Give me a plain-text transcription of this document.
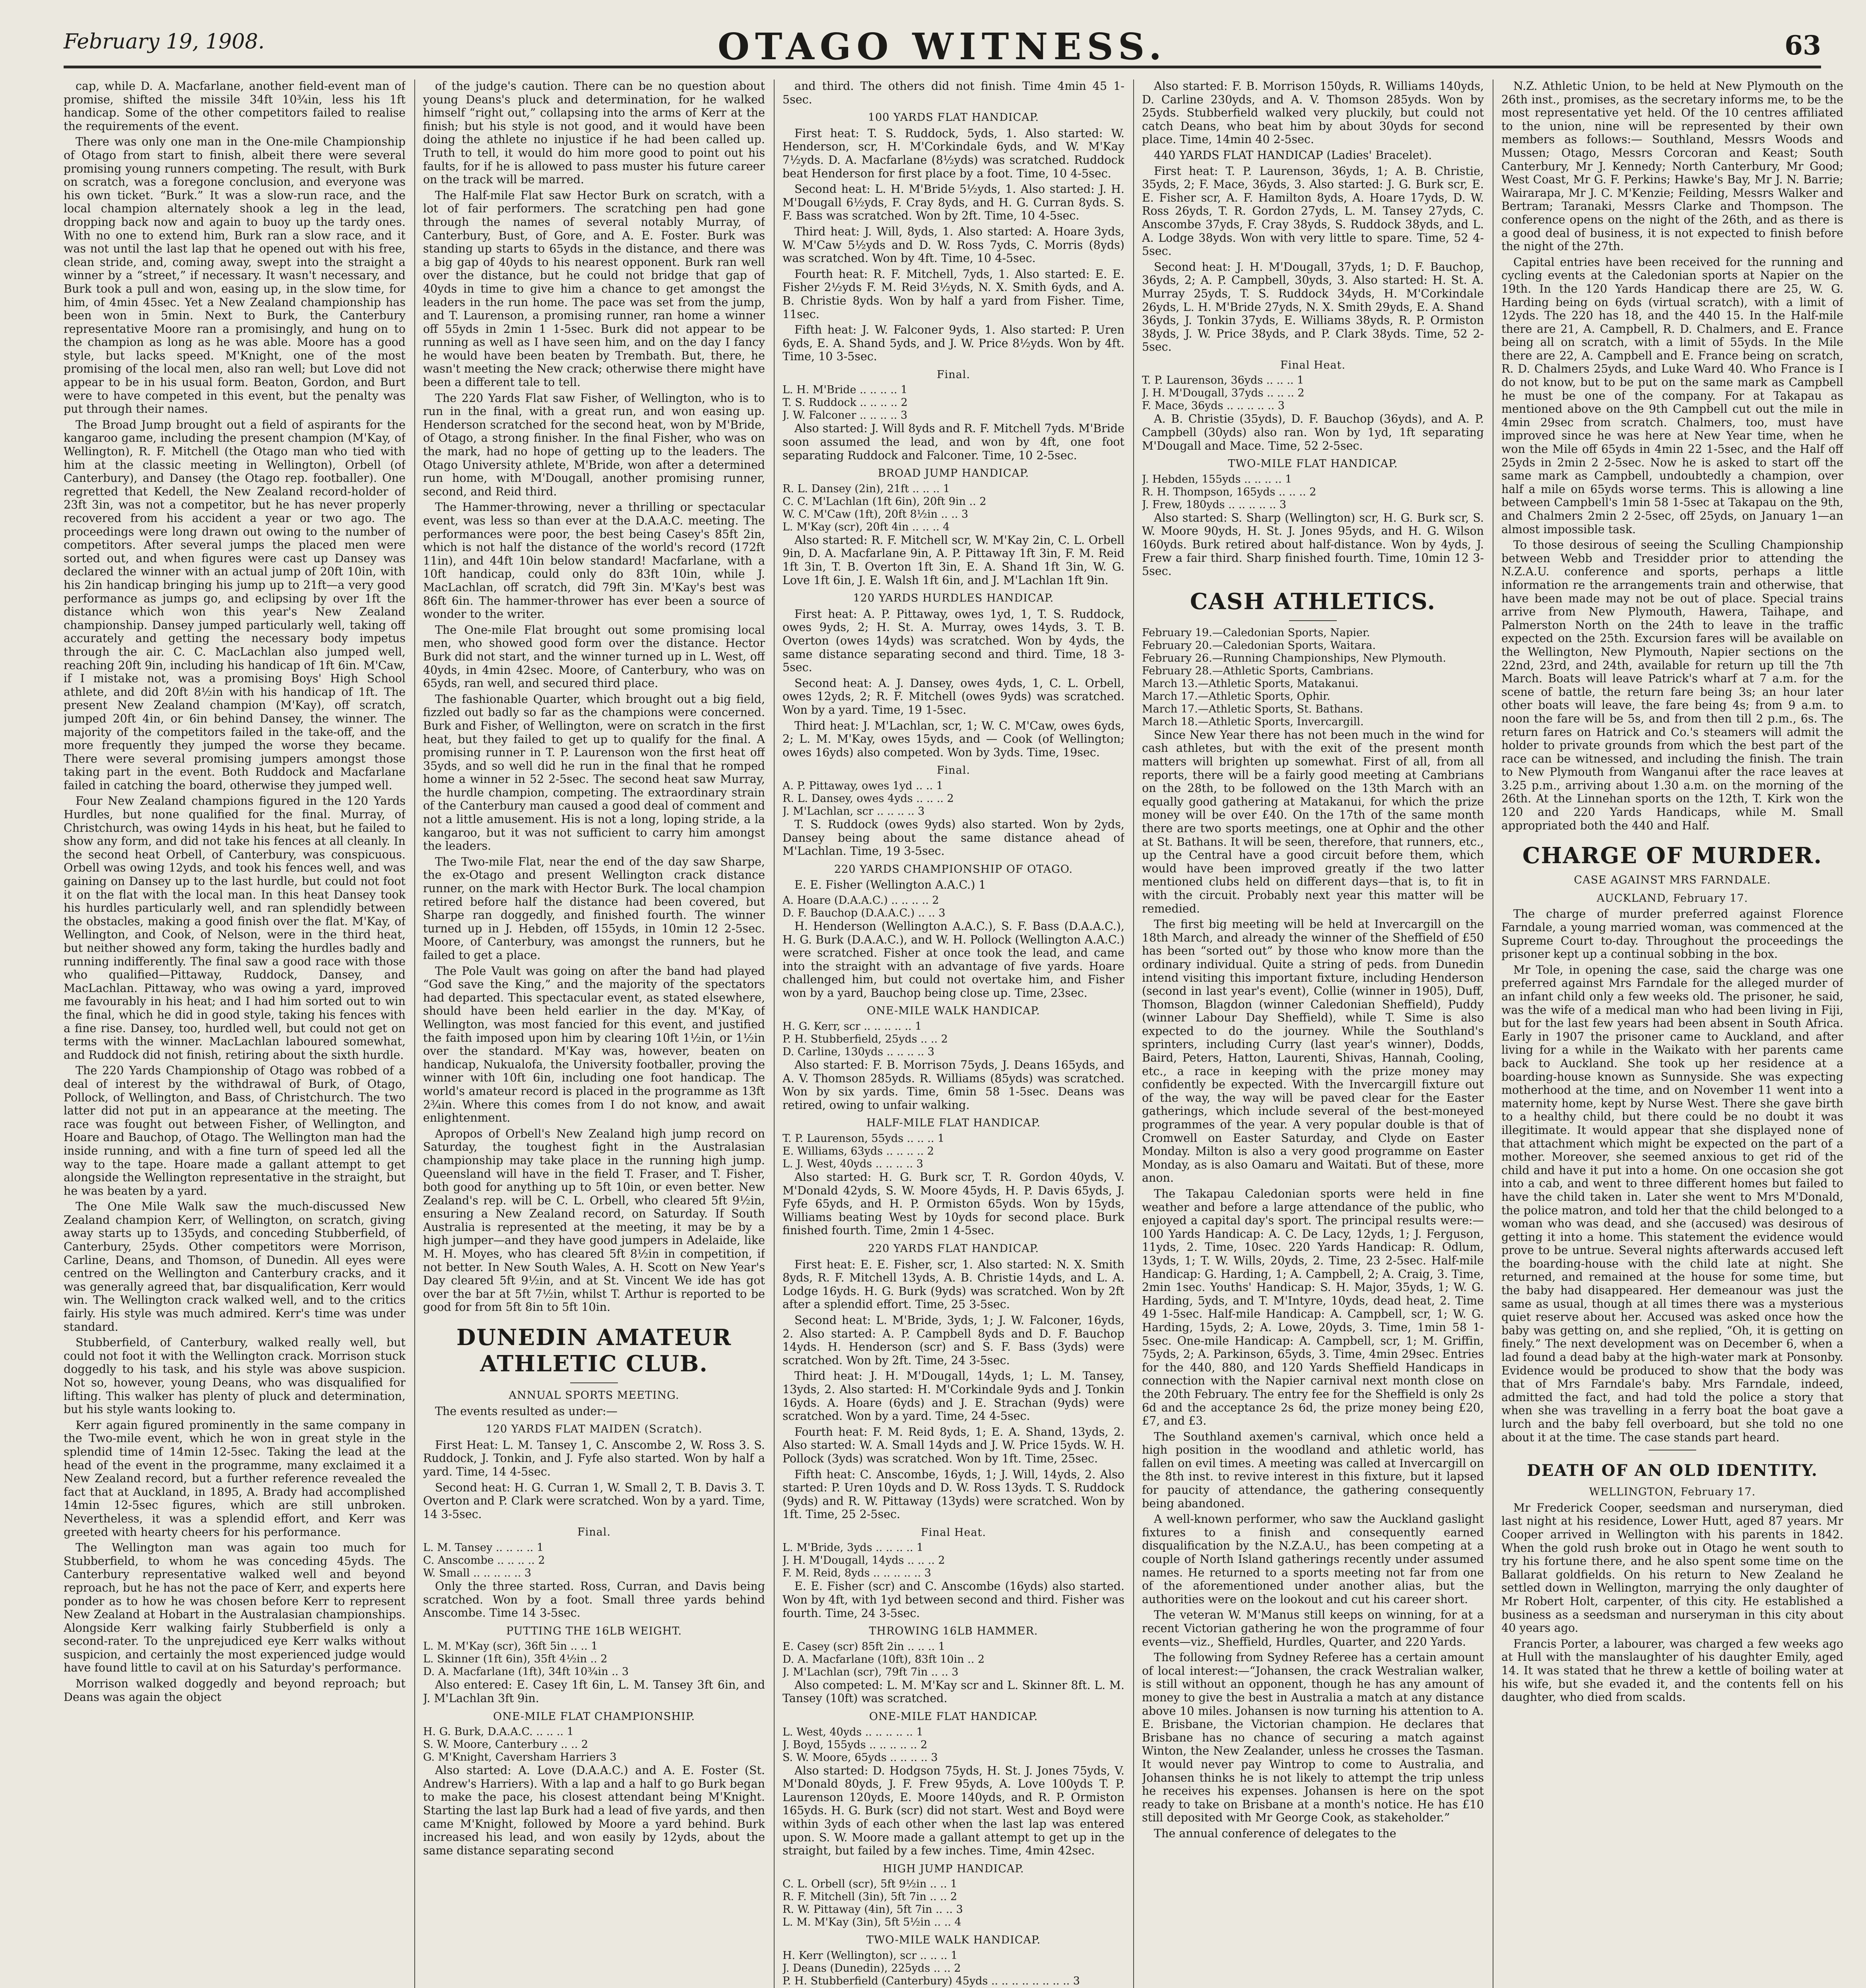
February 19, 1908.	OTAGO WITNESS.	63

cap, while D. A. Macfarlane, another field-event man of promise, shifted the missile 34ft 10¾in, less his 1ft handicap. Some of the other competitors failed to realise the requirements of the event.

There was only one man in the One-mile Championship of Otago from start to finish, albeit there were several promising young runners competing. The result, with Burk on scratch, was a foregone conclusion, and everyone was his own ticket. “Burk.” It was a slow-run race, and the local champion alternately shook a leg in the lead, dropping back now and again to buoy up the tardy ones. With no one to extend him, Burk ran a slow race, and it was not until the last lap that he opened out with his free, clean stride, and, coming away, swept into the straight a winner by a “street,” if necessary. It wasn't necessary, and Burk took a pull and won, easing up, in the slow time, for him, of 4min 45sec. Yet a New Zealand championship has been won in 5min. Next to Burk, the Canterbury representative Moore ran a promisingly, and hung on to the champion as long as he was able. Moore has a good style, but lacks speed. M'Knight, one of the most promising of the local men, also ran well; but Love did not appear to be in his usual form. Beaton, Gordon, and Burt were to have competed in this event, but the penalty was put through their names.

The Broad Jump brought out a field of aspirants for the kangaroo game, including the present champion (M'Kay, of Wellington), R. F. Mitchell (the Otago man who tied with him at the classic meeting in Wellington), Orbell (of Canterbury), and Dansey (the Otago rep. footballer). One regretted that Kedell, the New Zealand record-holder of 23ft 3in, was not a competitor, but he has never properly recovered from his accident a year or two ago. The proceedings were long drawn out owing to the number of competitors. After several jumps the placed men were sorted out, and when figures were cast up Dansey was declared the winner with an actual jump of 20ft 10in, with his 2in handicap bringing his jump up to 21ft—a very good performance as jumps go, and eclipsing by over 1ft the distance which won this year's New Zealand championship. Dansey jumped particularly well, taking off accurately and getting the necessary body impetus through the air. C. C. MacLachlan also jumped well, reaching 20ft 9in, including his handicap of 1ft 6in. M'Caw, if I mistake not, was a promising Boys' High School athlete, and did 20ft 8½in with his handicap of 1ft. The present New Zealand champion (M'Kay), off scratch, jumped 20ft 4in, or 6in behind Dansey, the winner. The majority of the competitors failed in the take-off, and the more frequently they jumped the worse they became. There were several promising jumpers amongst those taking part in the event. Both Ruddock and Macfarlane failed in catching the board, otherwise they jumped well.

Four New Zealand champions figured in the 120 Yards Hurdles, but none qualified for the final. Murray, of Christchurch, was owing 14yds in his heat, but he failed to show any form, and did not take his fences at all cleanly. In the second heat Orbell, of Canterbury, was conspicuous. Orbell was owing 12yds, and took his fences well, and was gaining on Dansey up to the last hurdle, but could not foot it on the flat with the local man. In this heat Dansey took his hurdles particularly well, and ran splendidly between the obstacles, making a good finish over the flat. M'Kay, of Wellington, and Cook, of Nelson, were in the third heat, but neither showed any form, taking the hurdles badly and running indifferently. The final saw a good race with those who qualified—Pittaway, Ruddock, Dansey, and MacLachlan. Pittaway, who was owing a yard, improved me favourably in his heat; and I had him sorted out to win the final, which he did in good style, taking his fences with a fine rise. Dansey, too, hurdled well, but could not get on terms with the winner. MacLachlan laboured somewhat, and Ruddock did not finish, retiring about the sixth hurdle.

The 220 Yards Championship of Otago was robbed of a deal of interest by the withdrawal of Burk, of Otago, Pollock, of Wellington, and Bass, of Christchurch. The two latter did not put in an appearance at the meeting. The race was fought out between Fisher, of Wellington, and Hoare and Bauchop, of Otago. The Wellington man had the inside running, and with a fine turn of speed led all the way to the tape. Hoare made a gallant attempt to get alongside the Wellington representative in the straight, but he was beaten by a yard.

The One Mile Walk saw the much-discussed New Zealand champion Kerr, of Wellington, on scratch, giving away starts up to 135yds, and conceding Stubberfield, of Canterbury, 25yds. Other competitors were Morrison, Carline, Deans, and Thomson, of Dunedin. All eyes were centred on the Wellington and Canterbury cracks, and it was generally agreed that, bar disqualification, Kerr would win. The Wellington crack walked well, and to the critics fairly. His style was much admired. Kerr's time was under standard.

Stubberfield, of Canterbury, walked really well, but could not foot it with the Wellington crack. Morrison stuck doggedly to his task, and his style was above suspicion. Not so, however, young Deans, who was disqualified for lifting. This walker has plenty of pluck and determination, but his style wants looking to.

Kerr again figured prominently in the same company in the Two-mile event, which he won in great style in the splendid time of 14min 12-5sec. Taking the lead at the head of the event in the programme, many exclaimed it a New Zealand record, but a further reference revealed the fact that at Auckland, in 1895, A. Brady had accomplished 14min 12-5sec figures, which are still unbroken. Nevertheless, it was a splendid effort, and Kerr was greeted with hearty cheers for his performance.

The Wellington man was again too much for Stubberfield, to whom he was conceding 45yds. The Canterbury representative walked well and beyond reproach, but he has not the pace of Kerr, and experts here ponder as to how he was chosen before Kerr to represent New Zealand at Hobart in the Australasian championships. Alongside Kerr walking fairly Stubberfield is only a second-rater. To the unprejudiced eye Kerr walks without suspicion, and certainly the most experienced judge would have found little to cavil at on his Saturday's performance.

Morrison walked doggedly and beyond reproach; but Deans was again the object

of the judge's caution. There can be no question about young Deans's pluck and determination, for he walked himself “right out,” collapsing into the arms of Kerr at the finish; but his style is not good, and it would have been doing the athlete no injustice if he had been called up. Truth to tell, it would do him more good to point out his faults, for if he is allowed to pass muster his future career on the track will be marred.

The Half-mile Flat saw Hector Burk on scratch, with a lot of fair performers. The scratching pen had gone through the names of several notably Murray, of Canterbury, Bust, of Gore, and A. E. Foster. Burk was standing up starts to 65yds in the distance, and there was a big gap of 40yds to his nearest opponent. Burk ran well over the distance, but he could not bridge that gap of 40yds in time to give him a chance to get amongst the leaders in the run home. The pace was set from the jump, and T. Laurenson, a promising runner, ran home a winner off 55yds in 2min 1 1-5sec. Burk did not appear to be running as well as I have seen him, and on the day I fancy he would have been beaten by Trembath. But, there, he wasn't meeting the New crack; otherwise there might have been a different tale to tell.

The 220 Yards Flat saw Fisher, of Wellington, who is to run in the final, with a great run, and won easing up. Henderson scratched for the second heat, won by M'Bride, of Otago, a strong finisher. In the final Fisher, who was on the mark, had no hope of getting up to the leaders. The Otago University athlete, M'Bride, won after a determined run home, with M'Dougall, another promising runner, second, and Reid third.

The Hammer-throwing, never a thrilling or spectacular event, was less so than ever at the D.A.A.C. meeting. The performances were poor, the best being Casey's 85ft 2in, which is not half the distance of the world's record (172ft 11in), and 44ft 10in below standard! Macfarlane, with a 10ft handicap, could only do 83ft 10in, while J. MacLachlan, off scratch, did 79ft 3in. M'Kay's best was 86ft 6in. The hammer-thrower has ever been a source of wonder to the writer.

The One-mile Flat brought out some promising local men, who showed good form over the distance. Hector Burk did not start, and the winner turned up in L. West, off 40yds, in 4min 42sec. Moore, of Canterbury, who was on 65yds, ran well, and secured third place.

The fashionable Quarter, which brought out a big field, fizzled out badly so far as the champions were concerned. Burk and Fisher, of Wellington, were on scratch in the first heat, but they failed to get up to qualify for the final. A promising runner in T. P. Laurenson won the first heat off 35yds, and so well did he run in the final that he romped home a winner in 52 2-5sec. The second heat saw Murray, the hurdle champion, competing. The extraordinary strain of the Canterbury man caused a good deal of comment and not a little amusement. His is not a long, loping stride, a la kangaroo, but it was not sufficient to carry him amongst the leaders.

The Two-mile Flat, near the end of the day saw Sharpe, the ex-Otago and present Wellington crack distance runner, on the mark with Hector Burk. The local champion retired before half the distance had been covered, but Sharpe ran doggedly, and finished fourth. The winner turned up in J. Hebden, off 155yds, in 10min 12 2-5sec. Moore, of Canterbury, was amongst the runners, but he failed to get a place.

The Pole Vault was going on after the band had played “God save the King,” and the majority of the spectators had departed. This spectacular event, as stated elsewhere, should have been held earlier in the day. M'Kay, of Wellington, was most fancied for this event, and justified the faith imposed upon him by clearing 10ft 1½in, or 1½in over the standard. M'Kay was, however, beaten on handicap, Nukualofa, the University footballer, proving the winner with 10ft 6in, including one foot handicap. The world's amateur record is placed in the programme as 13ft 2¾in. Where this comes from I do not know, and await enlightenment.

Apropos of Orbell's New Zealand high jump record on Saturday, the toughest fight in the Australasian championship may take place in the running high jump. Queensland will have in the field T. Fraser, and T. Fisher, both good for anything up to 5ft 10in, or even better. New Zealand's rep. will be C. L. Orbell, who cleared 5ft 9½in, ensuring a New Zealand record, on Saturday. If South Australia is represented at the meeting, it may be by a high jumper—and they have good jumpers in Adelaide, like M. H. Moyes, who has cleared 5ft 8½in in competition, if not better. In New South Wales, A. H. Scott on New Year's Day cleared 5ft 9½in, and at St. Vincent We ide has got over the bar at 5ft 7½in, whilst T. Arthur is reported to be good for from 5ft 8in to 5ft 10in.

DUNEDIN AMATEUR ATHLETIC CLUB.

ANNUAL SPORTS MEETING.

The events resulted as under:—

120 YARDS FLAT MAIDEN (Scratch).

First Heat: L. M. Tansey 1, C. Anscombe 2, W. Ross 3. S. Ruddock, J. Tonkin, and J. Fyfe also started. Won by half a yard. Time, 14 4-5sec.

Second heat: H. G. Curran 1, W. Small 2, T. B. Davis 3. T. Overton and P. Clark were scratched. Won by a yard. Time, 14 3-5sec.

Final.

L. M. Tansey .. .. .. .. 1

C. Anscombe .. .. .. .. 2

W. Small .. .. .. .. .. 3

Only the three started. Ross, Curran, and Davis being scratched. Won by a foot. Small three yards behind Anscombe. Time 14 3-5sec.

PUTTING THE 16LB WEIGHT.

L. M. M'Kay (scr), 36ft 5in .. .. 1

L. Skinner (1ft 6in), 35ft 4½in .. 2

D. A. Macfarlane (1ft), 34ft 10¾in .. 3

Also entered: E. Casey 1ft 6in, L. M. Tansey 3ft 6in, and J. M'Lachlan 3ft 9in.

ONE-MILE FLAT CHAMPIONSHIP.

H. G. Burk, D.A.A.C. .. .. .. 1

S. W. Moore, Canterbury .. .. 2

G. M'Knight, Caversham Harriers 3

Also started: A. Love (D.A.A.C.) and A. E. Foster (St. Andrew's Harriers). With a lap and a half to go Burk began to make the pace, his closest attendant being M'Knight. Starting the last lap Burk had a lead of five yards, and then came M'Knight, followed by Moore a yard behind. Burk increased his lead, and won easily by 12yds, about the same distance separating second

and third. The others did not finish. Time 4min 45 1-5sec.

100 YARDS FLAT HANDICAP.

First heat: T. S. Ruddock, 5yds, 1. Also started: W. Henderson, scr, H. M'Corkindale 6yds, and W. M'Kay 7½yds. D. A. Macfarlane (8½yds) was scratched. Ruddock beat Henderson for first place by a foot. Time, 10 4-5sec.

Second heat: L. H. M'Bride 5½yds, 1. Also started: J. H. M'Dougall 6½yds, F. Cray 8yds, and H. G. Curran 8yds. S. F. Bass was scratched. Won by 2ft. Time, 10 4-5sec.

Third heat: J. Will, 8yds, 1. Also started: A. Hoare 3yds, W. M'Caw 5½yds and D. W. Ross 7yds, C. Morris (8yds) was scratched. Won by 4ft. Time, 10 4-5sec.

Fourth heat: R. F. Mitchell, 7yds, 1. Also started: E. E. Fisher 2½yds F. M. Reid 3½yds, N. X. Smith 6yds, and A. B. Christie 8yds. Won by half a yard from Fisher. Time, 11sec.

Fifth heat: J. W. Falconer 9yds, 1. Also started: P. Uren 6yds, E. A. Shand 5yds, and J. W. Price 8½yds. Won by 4ft. Time, 10 3-5sec.

Final.

L. H. M'Bride .. .. .. .. 1

T. S. Ruddock .. .. .. .. 2

J. W. Falconer .. .. .. .. 3

Also started: J. Will 8yds and R. F. Mitchell 7yds. M'Bride soon assumed the lead, and won by 4ft, one foot separating Ruddock and Falconer. Time, 10 2-5sec.

BROAD JUMP HANDICAP.

R. L. Dansey (2in), 21ft .. .. .. 1

C. C. M'Lachlan (1ft 6in), 20ft 9in .. 2

W. C. M'Caw (1ft), 20ft 8½in .. .. 3

L. M'Kay (scr), 20ft 4in .. .. .. 4

Also started: R. F. Mitchell scr, W. M'Kay 2in, C. L. Orbell 9in, D. A. Macfarlane 9in, A. P. Pittaway 1ft 3in, F. M. Reid 1ft 3in, T. B. Overton 1ft 3in, E. A. Shand 1ft 3in, W. G. Love 1ft 6in, J. E. Walsh 1ft 6in, and J. M'Lachlan 1ft 9in.

120 YARDS HURDLES HANDICAP.

First heat: A. P. Pittaway, owes 1yd, 1, T. S. Ruddock, owes 9yds, 2; H. St. A. Murray, owes 14yds, 3. T. B. Overton (owes 14yds) was scratched. Won by 4yds, the same distance separating second and third. Time, 18 3-5sec.

Second heat: A. J. Dansey, owes 4yds, 1, C. L. Orbell, owes 12yds, 2; R. F. Mitchell (owes 9yds) was scratched. Won by a yard. Time, 19 1-5sec.

Third heat: J. M'Lachlan, scr, 1; W. C. M'Caw, owes 6yds, 2; L. M. M'Kay, owes 15yds, and — Cook (of Wellington; owes 16yds) also competed. Won by 3yds. Time, 19sec.

Final.

A. P. Pittaway, owes 1yd .. .. 1

R. L. Dansey, owes 4yds .. .. .. 2

J. M'Lachlan, scr .. .. .. .. 3

T. S. Ruddock (owes 9yds) also started. Won by 2yds, Dansey being about the same distance ahead of M'Lachlan. Time, 19 3-5sec.

220 YARDS CHAMPIONSHIP OF OTAGO.

E. E. Fisher (Wellington A.A.C.) 1

A. Hoare (D.A.A.C.) .. .. .. .. 2

D. F. Bauchop (D.A.A.C.) .. .. 3

H. Henderson (Wellington A.A.C.), S. F. Bass (D.A.A.C.), H. G. Burk (D.A.A.C.), and W. H. Pollock (Wellington A.A.C.) were scratched. Fisher at once took the lead, and came into the straight with an advantage of five yards. Hoare challenged him, but could not overtake him, and Fisher won by a yard, Bauchop being close up. Time, 23sec.

ONE-MILE WALK HANDICAP.

H. G. Kerr, scr .. .. .. .. .. 1

P. H. Stubberfield, 25yds .. .. 2

D. Carline, 130yds .. .. .. .. 3

Also started: F. B. Morrison 75yds, J. Deans 165yds, and A. V. Thomson 285yds. R. Williams (85yds) was scratched. Won by six yards. Time, 6min 58 1-5sec. Deans was retired, owing to unfair walking.

HALF-MILE FLAT HANDICAP.

T. P. Laurenson, 55yds .. .. .. 1

E. Williams, 63yds .. .. .. .. 2

L. J. West, 40yds .. .. .. .. 3

Also started: H. G. Burk scr, T. R. Gordon 40yds, V. M'Donald 42yds, S. W. Moore 45yds, H. P. Davis 65yds, J. Fyfe 65yds, and H. P. Ormiston 65yds. Won by 15yds, Williams beating West by 10yds for second place. Burk finished fourth. Time, 2min 1 4-5sec.

220 YARDS FLAT HANDICAP.

First heat: E. E. Fisher, scr, 1. Also started: N. X. Smith 8yds, R. F. Mitchell 13yds, A. B. Christie 14yds, and L. A. Lodge 16yds. H. G. Burk (9yds) was scratched. Won by 2ft after a splendid effort. Time, 25 3-5sec.

Second heat: L. M'Bride, 3yds, 1; J. W. Falconer, 16yds, 2. Also started: A. P. Campbell 8yds and D. F. Bauchop 14yds. H. Henderson (scr) and S. F. Bass (3yds) were scratched. Won by 2ft. Time, 24 3-5sec.

Third heat: J. H. M'Dougall, 14yds, 1; L. M. Tansey, 13yds, 2. Also started: H. M'Corkindale 9yds and J. Tonkin 16yds. A. Hoare (6yds) and J. E. Strachan (9yds) were scratched. Won by a yard. Time, 24 4-5sec.

Fourth heat: F. M. Reid 8yds, 1; E. A. Shand, 13yds, 2. Also started: W. A. Small 14yds and J. W. Price 15yds. W. H. Pollock (3yds) was scratched. Won by 1ft. Time, 25sec.

Fifth heat: C. Anscombe, 16yds, 1; J. Will, 14yds, 2. Also started: P. Uren 10yds and D. W. Ross 13yds. T. S. Ruddock (9yds) and R. W. Pittaway (13yds) were scratched. Won by 1ft. Time, 25 2-5sec.

Final Heat.

L. M'Bride, 3yds .. .. .. .. 1

J. H. M'Dougall, 14yds .. .. .. 2

F. M. Reid, 8yds .. .. .. .. .. 3

E. E. Fisher (scr) and C. Anscombe (16yds) also started. Won by 4ft, with 1yd between second and third. Fisher was fourth. Time, 24 3-5sec.

THROWING 16LB HAMMER.

E. Casey (scr) 85ft 2in .. .. .. 1

D. A. Macfarlane (10ft), 83ft 10in .. 2

J. M'Lachlan (scr), 79ft 7in .. .. 3

Also competed: L. M. M'Kay scr and L. Skinner 8ft. L. M. Tansey (10ft) was scratched.

ONE-MILE FLAT HANDICAP.

L. West, 40yds .. .. .. .. .. 1

J. Boyd, 155yds .. .. .. .. .. 2

S. W. Moore, 65yds .. .. .. .. 3

Also started: D. Hodgson 75yds, H. St. J. Jones 75yds, V. M'Donald 80yds, J. F. Frew 95yds, A. Love 100yds T. P. Laurenson 120yds, E. Moore 140yds, and R. P. Ormiston 165yds. H. G. Burk (scr) did not start. West and Boyd were within 3yds of each other when the last lap was entered upon. S. W. Moore made a gallant attempt to get up in the straight, but failed by a few inches. Time, 4min 42sec.

HIGH JUMP HANDICAP.

C. L. Orbell (scr), 5ft 9½in .. .. 1

R. F. Mitchell (3in), 5ft 7in .. .. 2

R. W. Pittaway (4in), 5ft 7in .. .. 3

L. M. M'Kay (3in), 5ft 5½in .. .. 4

TWO-MILE WALK HANDICAP.

H. Kerr (Wellington), scr .. .. .. 1

J. Deans (Dunedin), 225yds .. .. 2

P. H. Stubberfield (Canterbury) 45yds .. .. .. .. .. .. .. .. 3

Also started: F. B. Morrison 150yds, R. Williams 140yds, D. Carline 230yds, and A. V. Thomson 285yds. Won by 25yds. Stubberfield walked very pluckily, but could not catch Deans, who beat him by about 30yds for second place. Time, 14min 40 2-5sec.

440 YARDS FLAT HANDICAP (Ladies' Bracelet).

First heat: T. P. Laurenson, 36yds, 1; A. B. Christie, 35yds, 2; F. Mace, 36yds, 3. Also started: J. G. Burk scr, E. E. Fisher scr, A. F. Hamilton 8yds, A. Hoare 17yds, D. W. Ross 26yds, T. R. Gordon 27yds, L. M. Tansey 27yds, C. Anscombe 37yds, F. Cray 38yds, S. Ruddock 38yds, and L. A. Lodge 38yds. Won with very little to spare. Time, 52 4-5sec.

Second heat: J. H. M'Dougall, 37yds, 1; D. F. Bauchop, 36yds, 2; A. P. Campbell, 30yds, 3. Also started: H. St. A. Murray 25yds, T. S. Ruddock 34yds, H. M'Corkindale 26yds, L. H. M'Bride 27yds, N. X. Smith 29yds, E. A. Shand 36yds, J. Tonkin 37yds, E. Williams 38yds, R. P. Ormiston 38yds, J. W. Price 38yds, and P. Clark 38yds. Time, 52 2-5sec.

Final Heat.

T. P. Laurenson, 36yds .. .. .. 1

J. H. M'Dougall, 37yds .. .. .. 2

F. Mace, 36yds .. .. .. .. .. 3

A. B. Christie (35yds), D. F. Bauchop (36yds), and A. P. Campbell (30yds) also ran. Won by 1yd, 1ft separating M'Dougall and Mace. Time, 52 2-5sec.

TWO-MILE FLAT HANDICAP.

J. Hebden, 155yds .. .. .. .. 1

R. H. Thompson, 165yds .. .. .. 2

J. Frew, 180yds .. .. .. .. .. 3

Also started: S. Sharp (Wellington) scr, H. G. Burk scr, S. W. Moore 90yds, H. St. J. Jones 95yds, and H. G. Wilson 160yds. Burk retired about half-distance. Won by 4yds, J. Frew a fair third. Sharp finished fourth. Time, 10min 12 3-5sec.

CASH ATHLETICS.

February 19.—Caledonian Sports, Napier.

February 20.—Caledonian Sports, Waitara.

February 26.—Running Championships, New Plymouth.

February 28.—Athletic Sports, Cambrians.

March 13.—Athletic Sports, Matakanui.

March 17.—Athletic Sports, Ophir.

March 17.—Athletic Sports, St. Bathans.

March 18.—Athletic Sports, Invercargill.

Since New Year there has not been much in the wind for cash athletes, but with the exit of the present month matters will brighten up somewhat. First of all, from all reports, there will be a fairly good meeting at Cambrians on the 28th, to be followed on the 13th March with an equally good gathering at Matakanui, for which the prize money will be over £40. On the 17th of the same month there are two sports meetings, one at Ophir and the other at St. Bathans. It will be seen, therefore, that runners, etc., up the Central have a good circuit before them, which would have been improved greatly if the two latter mentioned clubs held on different days—that is, to fit in with the circuit. Probably next year this matter will be remedied.

The first big meeting will be held at Invercargill on the 18th March, and already the winner of the Sheffield of £50 has been “sorted out” by those who know more than the ordinary individual. Quite a string of peds. from Dunedin intend visiting this important fixture, including Henderson (second in last year's event), Collie (winner in 1905), Duff, Thomson, Blagdon (winner Caledonian Sheffield), Puddy (winner Labour Day Sheffield), while T. Sime is also expected to do the journey. While the Southland's sprinters, including Curry (last year's winner), Dodds, Baird, Peters, Hatton, Laurenti, Shivas, Hannah, Cooling, etc., a race in keeping with the prize money may confidently be expected. With the Invercargill fixture out of the way, the way will be paved clear for the Easter gatherings, which include several of the best-moneyed programmes of the year. A very popular double is that of Cromwell on Easter Saturday, and Clyde on Easter Monday. Milton is also a very good programme on Easter Monday, as is also Oamaru and Waitati. But of these, more anon.

The Takapau Caledonian sports were held in fine weather and before a large attendance of the public, who enjoyed a capital day's sport. The principal results were:— 100 Yards Handicap: A. C. De Lacy, 12yds, 1; J. Ferguson, 11yds, 2. Time, 10sec. 220 Yards Handicap: R. Odlum, 13yds, 1; T. W. Wills, 20yds, 2. Time, 23 2-5sec. Half-mile Handicap: G. Harding, 1; A. Campbell, 2; A. Craig, 3. Time, 2min 1sec. Youths' Handicap: S. H. Major, 35yds, 1; W. G. Harding, 5yds, and T. M'Intyre, 10yds, dead heat, 2. Time 49 1-5sec. Half-mile Handicap: A. Campbell, scr, 1; W. G. Harding, 15yds, 2; A. Lowe, 20yds, 3. Time, 1min 58 1-5sec. One-mile Handicap: A. Campbell, scr, 1; M. Griffin, 75yds, 2; A. Parkinson, 65yds, 3. Time, 4min 29sec. Entries for the 440, 880, and 120 Yards Sheffield Handicaps in connection with the Napier carnival next month close on the 20th February. The entry fee for the Sheffield is only 2s 6d and the acceptance 2s 6d, the prize money being £20, £7, and £3.

The Southland axemen's carnival, which once held a high position in the woodland and athletic world, has fallen on evil times. A meeting was called at Invercargill on the 8th inst. to revive interest in this fixture, but it lapsed for paucity of attendance, the gathering consequently being abandoned.

A well-known performer, who saw the Auckland gaslight fixtures to a finish and consequently earned disqualification by the N.Z.A.U., has been competing at a couple of North Island gatherings recently under assumed names. He returned to a sports meeting not far from one of the aforementioned under another alias, but the authorities were on the lookout and cut his career short.

The veteran W. M'Manus still keeps on winning, for at a recent Victorian gathering he won the programme of four events—viz., Sheffield, Hurdles, Quarter, and 220 Yards.

The following from Sydney Referee has a certain amount of local interest:—“Johansen, the crack Westralian walker, is still without an opponent, though he has any amount of money to give the best in Australia a match at any distance above 10 miles. Johansen is now turning his attention to A. E. Brisbane, the Victorian champion. He declares that Brisbane has no chance of securing a match against Winton, the New Zealander, unless he crosses the Tasman. It would never pay Wintrop to come to Australia, and Johansen thinks he is not likely to attempt the trip unless he receives his expenses. Johansen is here on the spot ready to take on Brisbane at a month's notice. He has £10 still deposited with Mr George Cook, as stakeholder.”

The annual conference of delegates to the

N.Z. Athletic Union, to be held at New Plymouth on the 26th inst., promises, as the secretary informs me, to be the most representative yet held. Of the 10 centres affiliated to the union, nine will be represented by their own members as follows:— Southland, Messrs Woods and Mussen; Otago, Messrs Corcoran and Keast; South Canterbury, Mr J. Kennedy; North Canterbury, Mr Good; West Coast, Mr G. F. Perkins; Hawke's Bay, Mr J. N. Barrie; Wairarapa, Mr J. C. M'Kenzie; Feilding, Messrs Walker and Bertram; Taranaki, Messrs Clarke and Thompson. The conference opens on the night of the 26th, and as there is a good deal of business, it is not expected to finish before the night of the 27th.

Capital entries have been received for the running and cycling events at the Caledonian sports at Napier on the 19th. In the 120 Yards Handicap there are 25, W. G. Harding being on 6yds (virtual scratch), with a limit of 12yds. The 220 has 18, and the 440 15. In the Half-mile there are 21, A. Campbell, R. D. Chalmers, and E. France being all on scratch, with a limit of 55yds. In the Mile there are 22, A. Campbell and E. France being on scratch, R. D. Chalmers 25yds, and Luke Ward 40. Who France is I do not know, but to be put on the same mark as Campbell he must be one of the company. For at Takapau as mentioned above on the 9th Campbell cut out the mile in 4min 29sec from scratch. Chalmers, too, must have improved since he was here at New Year time, when he won the Mile off 65yds in 4min 22 1-5sec, and the Half off 25yds in 2min 2 2-5sec. Now he is asked to start off the same mark as Campbell, undoubtedly a champion, over half a mile on 65yds worse terms. This is allowing a line between Campbell's 1min 58 1-5sec at Takapau on the 9th, and Chalmers 2min 2 2-5sec, off 25yds, on January 1—an almost impossible task.

To those desirous of seeing the Sculling Championship between Webb and Tresidder prior to attending the N.Z.A.U. conference and sports, perhaps a little information re the arrangements train and otherwise, that have been made may not be out of place. Special trains arrive from New Plymouth, Hawera, Taihape, and Palmerston North on the 24th to leave in the traffic expected on the 25th. Excursion fares will be available on the Wellington, New Plymouth, Napier sections on the 22nd, 23rd, and 24th, available for return up till the 7th March. Boats will leave Patrick's wharf at 7 a.m. for the scene of battle, the return fare being 3s; an hour later other boats will leave, the fare being 4s; from 9 a.m. to noon the fare will be 5s, and from then till 2 p.m., 6s. The return fares on Hatrick and Co.'s steamers will admit the holder to private grounds from which the best part of the race can be witnessed, and including the finish. The train to New Plymouth from Wanganui after the race leaves at 3.25 p.m., arriving about 1.30 a.m. on the morning of the 26th. At the Linnehan sports on the 12th, T. Kirk won the 120 and 220 Yards Handicaps, while M. Small appropriated both the 440 and Half.

CHARGE OF MURDER.

CASE AGAINST MRS FARNDALE.

AUCKLAND, February 17.

The charge of murder preferred against Florence Farndale, a young married woman, was commenced at the Supreme Court to-day. Throughout the proceedings the prisoner kept up a continual sobbing in the box.

Mr Tole, in opening the case, said the charge was one preferred against Mrs Farndale for the alleged murder of an infant child only a few weeks old. The prisoner, he said, was the wife of a medical man who had been living in Fiji, but for the last few years had been absent in South Africa. Early in 1907 the prisoner came to Auckland, and after living for a while in the Waikato with her parents came back to Auckland. She took up her residence at a boarding-house known as Sunnyside. She was expecting motherhood at the time, and on November 11 went into a maternity home, kept by Nurse West. There she gave birth to a healthy child, but there could be no doubt it was illegitimate. It would appear that she displayed none of that attachment which might be expected on the part of a mother. Moreover, she seemed anxious to get rid of the child and have it put into a home. On one occasion she got into a cab, and went to three different homes but failed to have the child taken in. Later she went to Mrs M'Donald, the police matron, and told her that the child belonged to a woman who was dead, and she (accused) was desirous of getting it into a home. This statement the evidence would prove to be untrue. Several nights afterwards accused left the boarding-house with the child late at night. She returned, and remained at the house for some time, but the baby had disappeared. Her demeanour was just the same as usual, though at all times there was a mysterious quiet reserve about her. Accused was asked once how the baby was getting on, and she replied, “Oh, it is getting on finely.” The next development was on December 6, when a lad found a dead baby at the high-water mark at Ponsonby. Evidence would be produced to show that the body was that of Mrs Farndale's baby. Mrs Farndale, indeed, admitted the fact, and had told the police a story that when she was travelling in a ferry boat the boat gave a lurch and the baby fell overboard, but she told no one about it at the time. The case stands part heard.

DEATH OF AN OLD IDENTITY.

WELLINGTON, February 17.

Mr Frederick Cooper, seedsman and nurseryman, died last night at his residence, Lower Hutt, aged 87 years. Mr Cooper arrived in Wellington with his parents in 1842. When the gold rush broke out in Otago he went south to try his fortune there, and he also spent some time on the Ballarat goldfields. On his return to New Zealand he settled down in Wellington, marrying the only daughter of Mr Robert Holt, carpenter, of this city. He established a business as a seedsman and nurseryman in this city about 40 years ago.

Francis Porter, a labourer, was charged a few weeks ago at Hull with the manslaughter of his daughter Emily, aged 14. It was stated that he threw a kettle of boiling water at his wife, but she evaded it, and the contents fell on his daughter, who died from scalds.
